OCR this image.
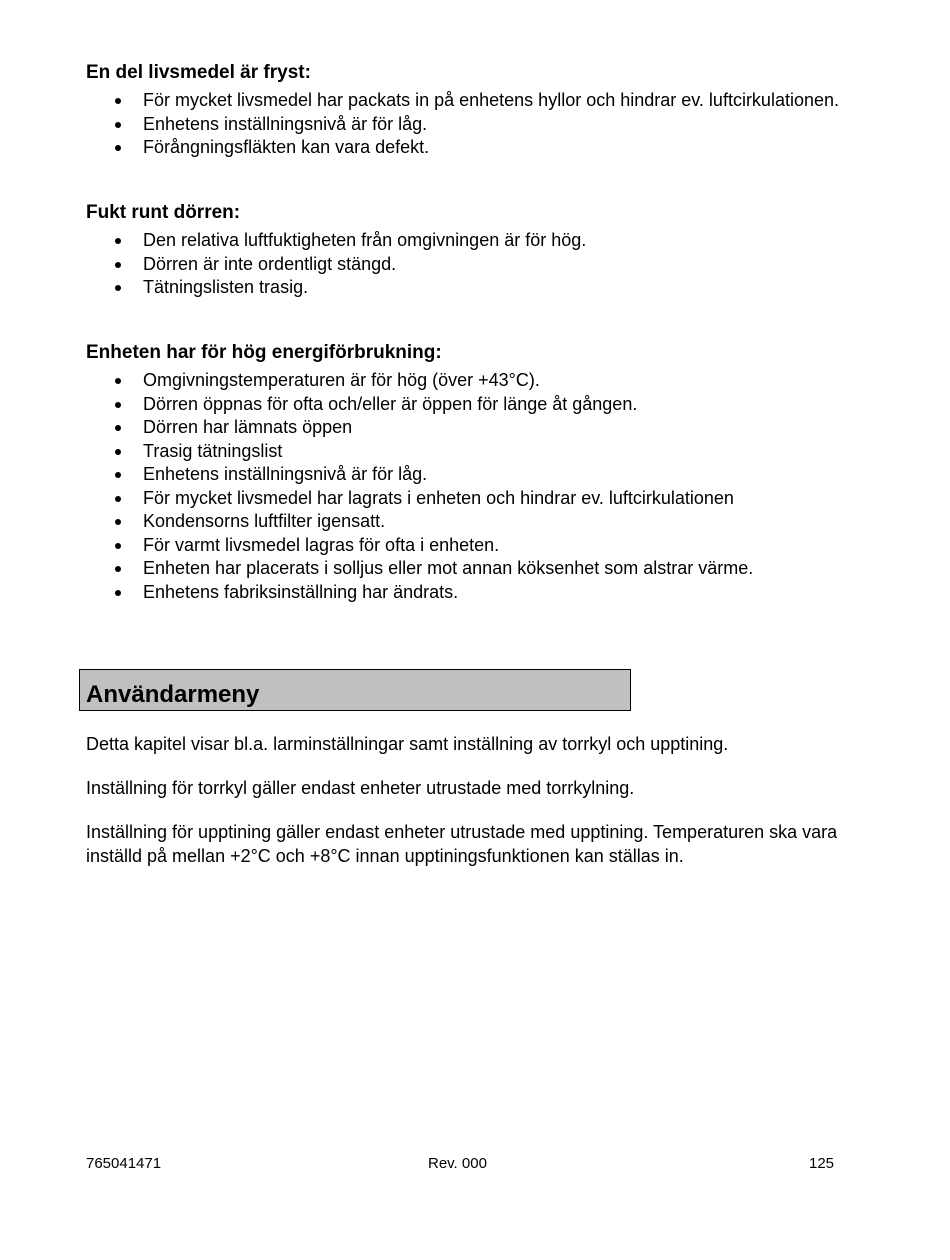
En del livsmedel är fryst:
För mycket livsmedel har packats in på enhetens hyllor och hindrar ev. luftcirkulationen.
Enhetens inställningsnivå är för låg.
Förångningsfläkten kan vara defekt.
Fukt runt dörren:
Den relativa luftfuktigheten från omgivningen är för hög.
Dörren är inte ordentligt stängd.
Tätningslisten trasig.
Enheten har för hög energiförbrukning:
Omgivningstemperaturen är för hög (över +43°C).
Dörren öppnas för ofta och/eller är öppen för länge åt gången.
Dörren har lämnats öppen
Trasig tätningslist
Enhetens inställningsnivå är för låg.
För mycket livsmedel har lagrats i enheten och hindrar ev. luftcirkulationen
Kondensorns luftfilter igensatt.
För varmt livsmedel lagras för ofta i enheten.
Enheten har placerats i solljus eller mot annan köksenhet som alstrar värme.
Enhetens fabriksinställning har ändrats.
Användarmeny

Detta kapitel visar bl.a. larminställningar samt inställning av torrkyl och upptining.

Inställning för torrkyl gäller endast enheter utrustade med torrkylning.

Inställning för upptining gäller endast enheter utrustade med upptining. Temperaturen ska vara inställd på mellan +2°C och +8°C innan upptiningsfunktionen kan ställas in.

765041471	Rev. 000	125
